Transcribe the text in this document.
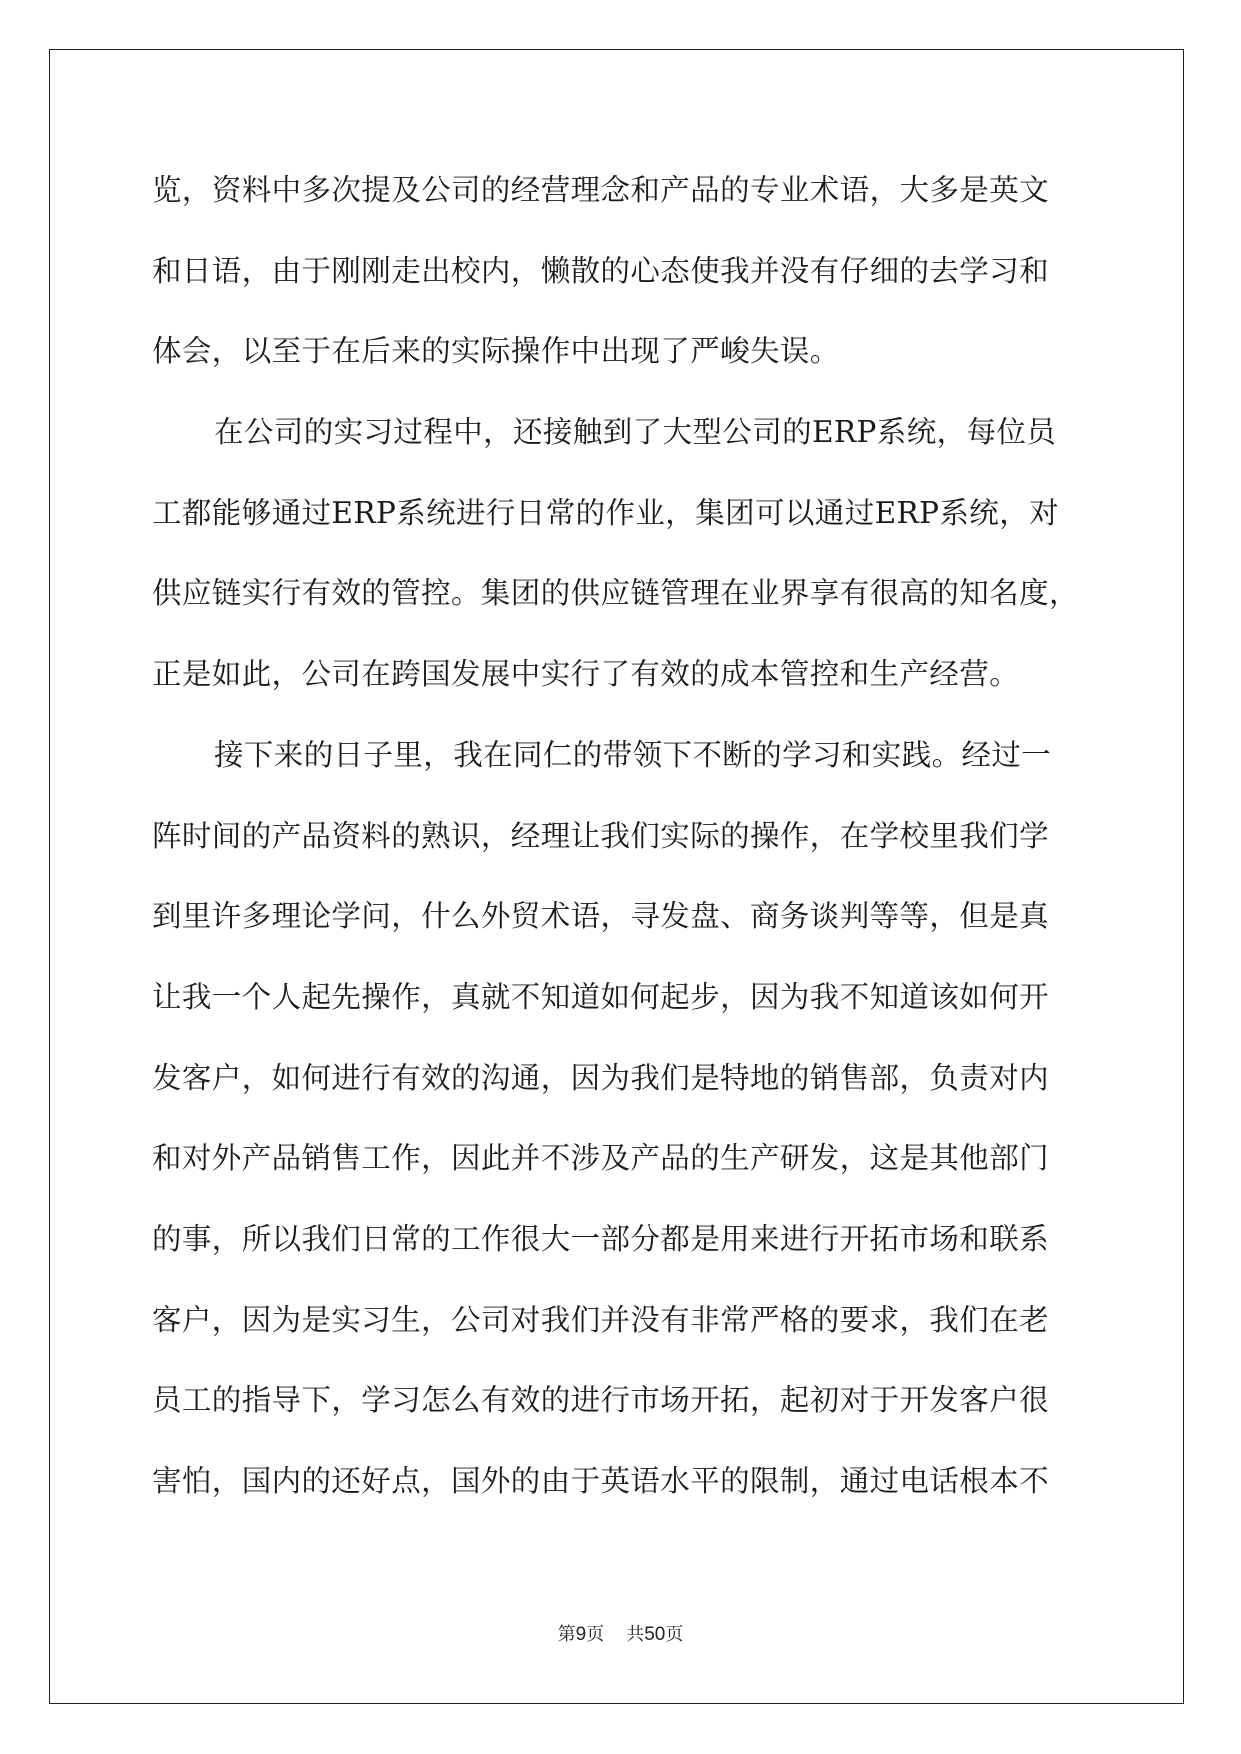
览，资料中多次提及公司的经营理念和产品的专业术语，大多是英文
和日语，由于刚刚走出校内，懒散的心态使我并没有仔细的去学习和
体会，以至于在后来的实际操作中出现了严峻失误。
在公司的实习过程中，还接触到了大型公司的ERP系统，每位员
工都能够通过ERP系统进行日常的作业，集团可以通过ERP系统，对
供应链实行有效的管控。集团的供应链管理在业界享有很高的知名度，
正是如此，公司在跨国发展中实行了有效的成本管控和生产经营。
接下来的日子里，我在同仁的带领下不断的学习和实践。经过一
阵时间的产品资料的熟识，经理让我们实际的操作，在学校里我们学
到里许多理论学问，什么外贸术语，寻发盘、商务谈判等等，但是真
让我一个人起先操作，真就不知道如何起步，因为我不知道该如何开
发客户，如何进行有效的沟通，因为我们是特地的销售部，负责对内
和对外产品销售工作，因此并不涉及产品的生产研发，这是其他部门
的事，所以我们日常的工作很大一部分都是用来进行开拓市场和联系
客户，因为是实习生，公司对我们并没有非常严格的要求，我们在老
员工的指导下，学习怎么有效的进行市场开拓，起初对于开发客户很
害怕，国内的还好点，国外的由于英语水平的限制，通过电话根本不
第9页 共50页
